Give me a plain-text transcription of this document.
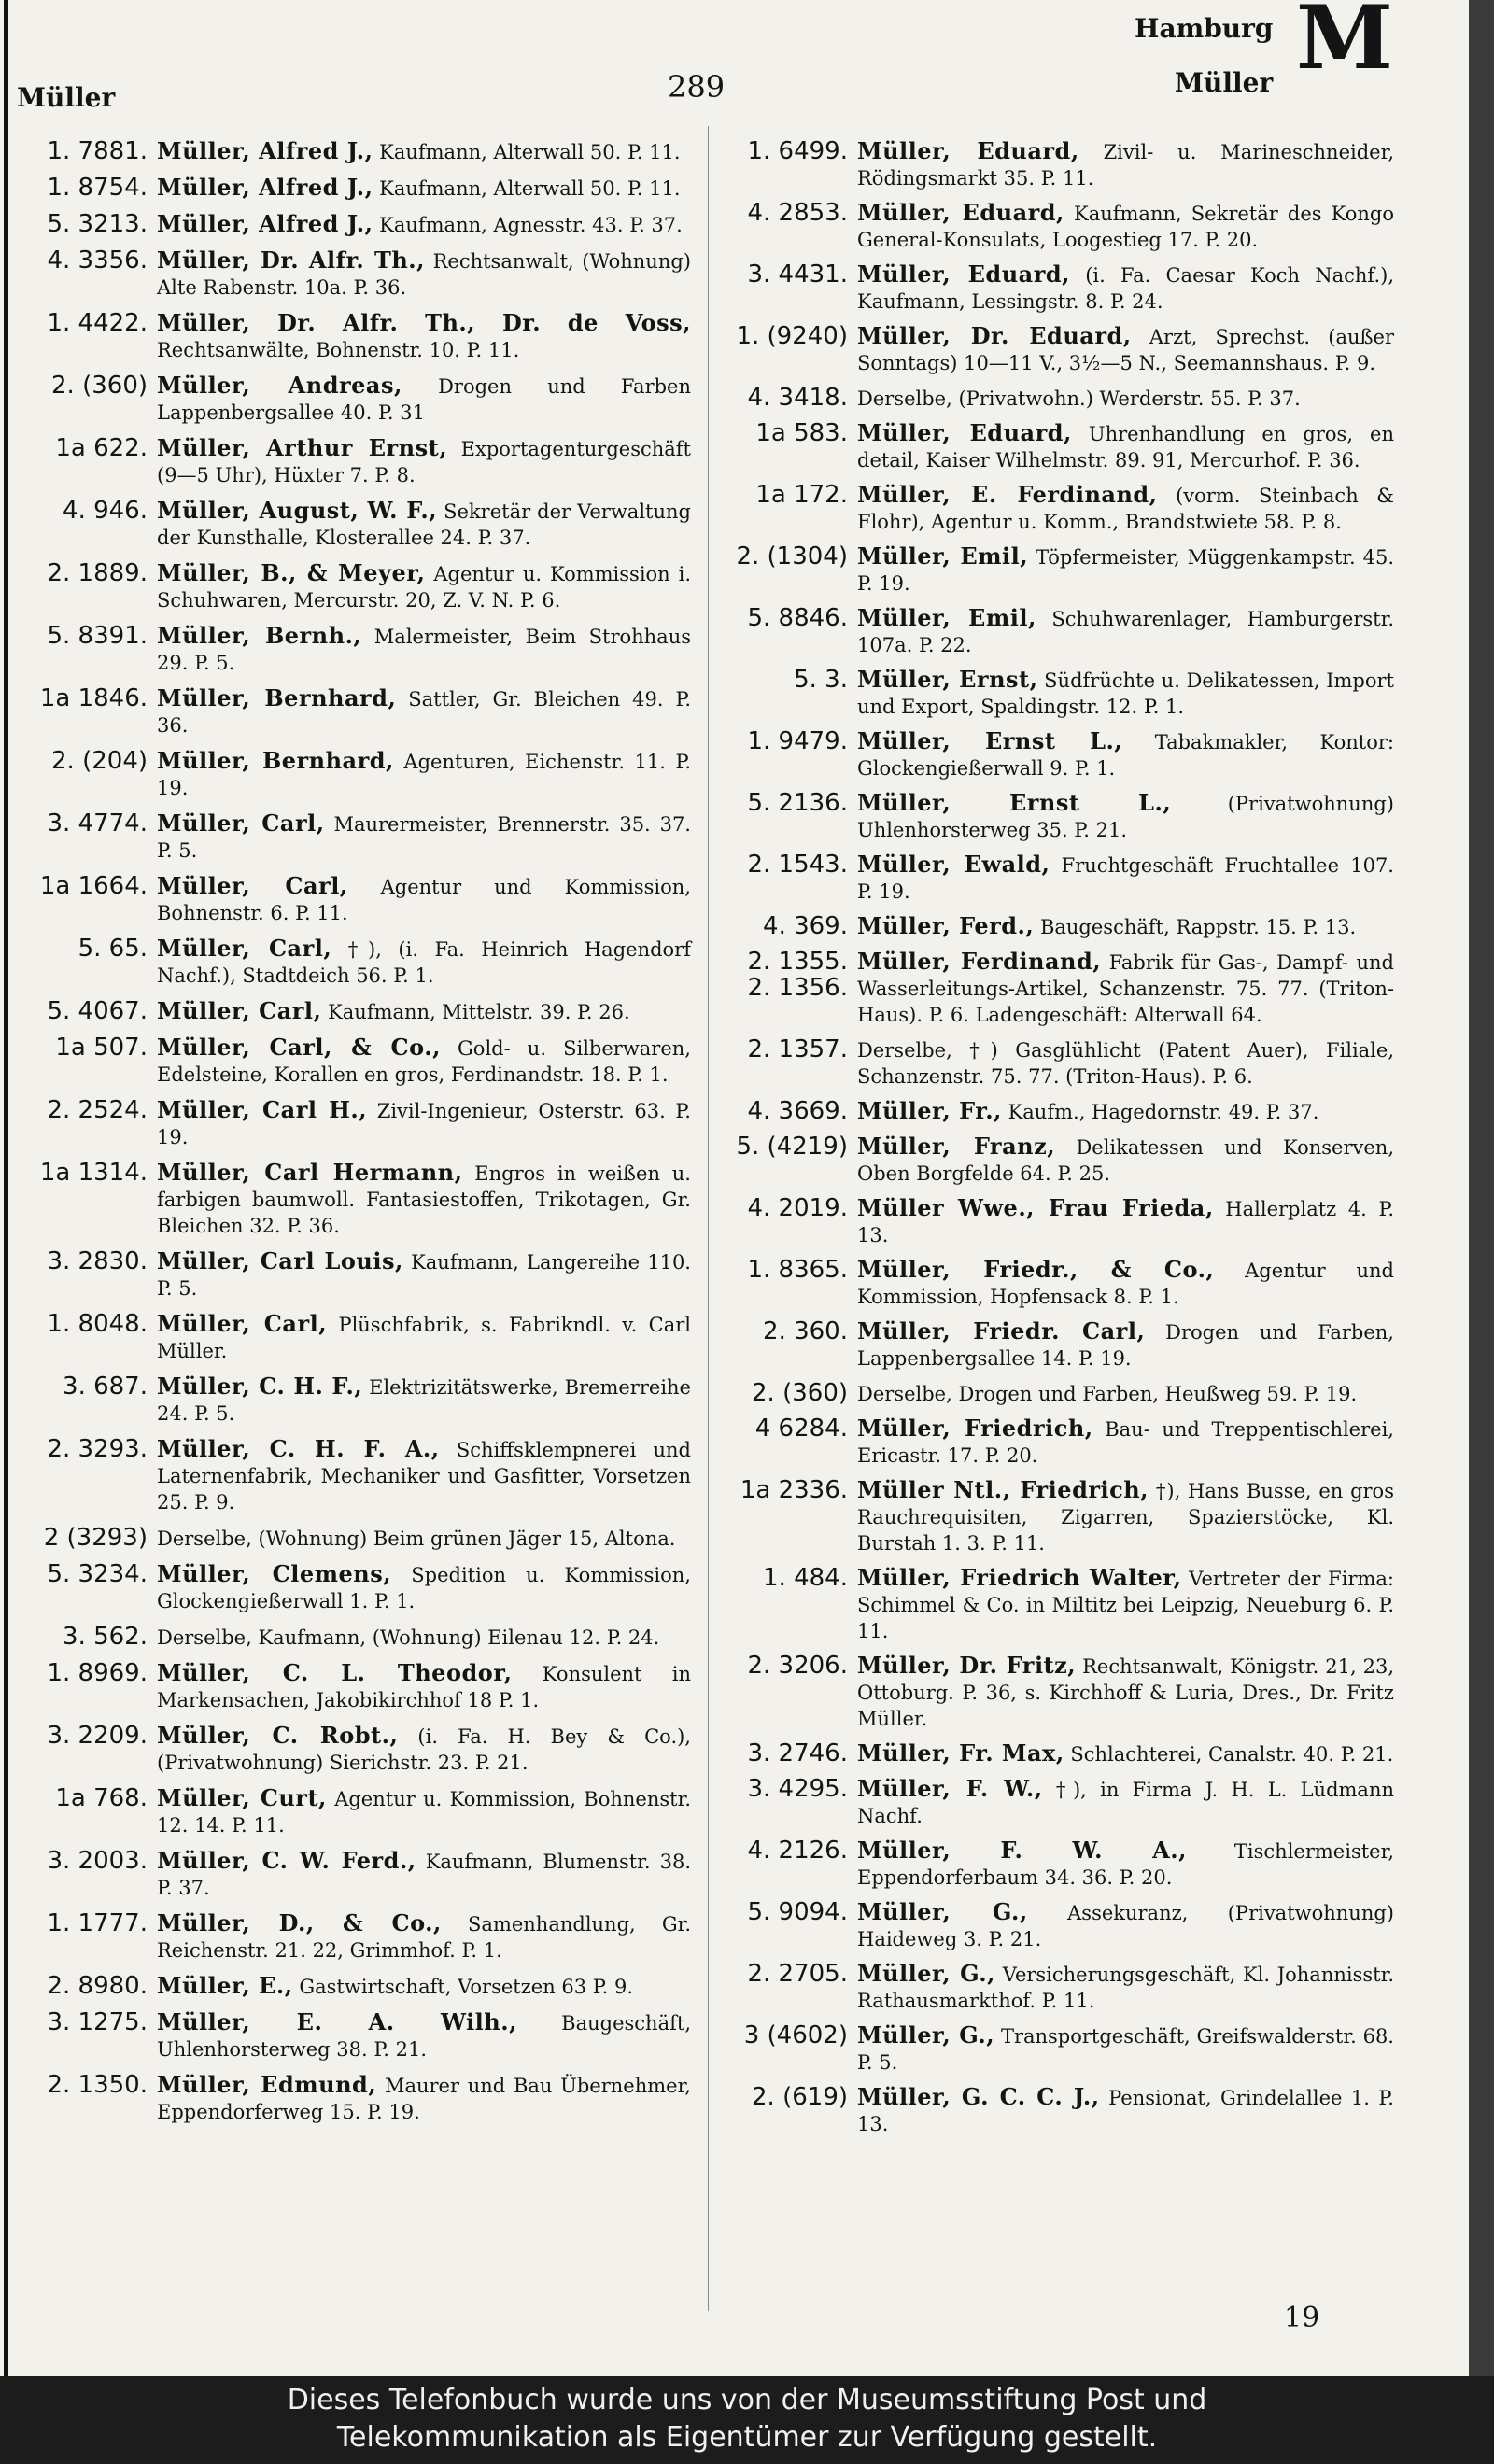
Müller	289
Hamburg
Müller M
1. 7881. Müller, Alfred J., Kaufmann, Alterwall 50. P. 11.
1. 8754. Müller, Alfred J., Kaufmann, Alterwall 50. P. 11.
5. 3213. Müller, Alfred J., Kaufmann, Agnesstr. 43. P. 37.
4. 3356. Müller, Dr. Alfr. Th., Rechtsanwalt, (Wohnung) Alte Rabenstr. 10a. P. 36.
1. 4422. Müller, Dr. Alfr. Th., Dr. de Voss, Rechtsanwälte, Bohnenstr. 10. P. 11.
2. (360) Müller, Andreas, Drogen und Farben Lappenbergsallee 40. P. 31
1a 622. Müller, Arthur Ernst, Exportagenturgeschäft (9—5 Uhr), Hüxter 7. P. 8.
4. 946. Müller, August, W. F., Sekretär der Verwaltung der Kunsthalle, Klosterallee 24. P. 37.
2. 1889. Müller, B., & Meyer, Agentur u. Kommission i. Schuhwaren, Mercurstr. 20, Z. V. N. P. 6.
5. 8391. Müller, Bernh., Malermeister, Beim Strohhaus 29. P. 5.
1a 1846. Müller, Bernhard, Sattler, Gr. Bleichen 49. P. 36.
2. (204) Müller, Bernhard, Agenturen, Eichenstr. 11. P. 19.
3. 4774. Müller, Carl, Maurermeister, Brennerstr. 35. 37. P. 5.
1a 1664. Müller, Carl, Agentur und Kommission, Bohnenstr. 6. P. 11.
5. 65. Müller, Carl, †), (i. Fa. Heinrich Hagendorf Nachf.), Stadtdeich 56. P. 1.
5. 4067. Müller, Carl, Kaufmann, Mittelstr. 39. P. 26.
1a 507. Müller, Carl, & Co., Gold- u. Silberwaren, Edelsteine, Korallen en gros, Ferdinandstr. 18. P. 1.
2. 2524. Müller, Carl H., Zivil-Ingenieur, Osterstr. 63. P. 19.
1a 1314. Müller, Carl Hermann, Engros in weißen u. farbigen baumwoll. Fantasiestoffen, Trikotagen, Gr. Bleichen 32. P. 36.
3. 2830. Müller, Carl Louis, Kaufmann, Langereihe 110. P. 5.
1. 8048. Müller, Carl, Plüschfabrik, s. Fabrikndl. v. Carl Müller.
3. 687. Müller, C. H. F., Elektrizitätswerke, Bremerreihe 24. P. 5.
2. 3293. Müller, C. H. F. A., Schiffsklempnerei und Laternenfabrik, Mechaniker und Gasfitter, Vorsetzen 25. P. 9.
2 (3293) Derselbe, (Wohnung) Beim grünen Jäger 15, Altona.
5. 3234. Müller, Clemens, Spedition u. Kommission, Glockengießerwall 1. P. 1.
3. 562. Derselbe, Kaufmann, (Wohnung) Eilenau 12. P. 24.
1. 8969. Müller, C. L. Theodor, Konsulent in Markensachen, Jakobikirchhof 18 P. 1.
3. 2209. Müller, C. Robt., (i. Fa. H. Bey & Co.), (Privatwohnung) Sierichstr. 23. P. 21.
1a 768. Müller, Curt, Agentur u. Kommission, Bohnenstr. 12. 14. P. 11.
3. 2003. Müller, C. W. Ferd., Kaufmann, Blumenstr. 38. P. 37.
1. 1777. Müller, D., & Co., Samenhandlung, Gr. Reichenstr. 21. 22, Grimmhof. P. 1.
2. 8980. Müller, E., Gastwirtschaft, Vorsetzen 63 P. 9.
3. 1275. Müller, E. A. Wilh., Baugeschäft, Uhlenhorsterweg 38. P. 21.
2. 1350. Müller, Edmund, Maurer und Bau Übernehmer, Eppendorferweg 15. P. 19.
1. 6499. Müller, Eduard, Zivil- u. Marineschneider, Rödingsmarkt 35. P. 11.
4. 2853. Müller, Eduard, Kaufmann, Sekretär des Kongo General-Konsulats, Loogestieg 17. P. 20.
3. 4431. Müller, Eduard, (i. Fa. Caesar Koch Nachf.), Kaufmann, Lessingstr. 8. P. 24.
1. (9240) Müller, Dr. Eduard, Arzt, Sprechst. (außer Sonntags) 10—11 V., 3½—5 N., Seemannshaus. P. 9.
4. 3418. Derselbe, (Privatwohn.) Werderstr. 55. P. 37.
1a 583. Müller, Eduard, Uhrenhandlung en gros, en detail, Kaiser Wilhelmstr. 89. 91, Mercurhof. P. 36.
1a 172. Müller, E. Ferdinand, (vorm. Steinbach & Flohr), Agentur u. Komm., Brandstwiete 58. P. 8.
2. (1304) Müller, Emil, Töpfermeister, Müggenkampstr. 45. P. 19.
5. 8846. Müller, Emil, Schuhwarenlager, Hamburgerstr. 107a. P. 22.
5. 3. Müller, Ernst, Südfrüchte u. Delikatessen, Import und Export, Spaldingstr. 12. P. 1.
1. 9479. Müller, Ernst L., Tabakmakler, Kontor: Glockengießerwall 9. P. 1.
5. 2136. Müller, Ernst L.,	(Privatwohnung) Uhlenhorsterweg 35. P. 21.
2. 1543. Müller, Ewald, Fruchtgeschäft Fruchtallee 107. P. 19.
4. 369. Müller, Ferd., Baugeschäft, Rappstr. 15. P. 13.
2. 1355. 2. 1356.
Müller, Ferdinand, Fabrik für Gas-, Dampf- und Wasserleitungs-Artikel, Schanzenstr. 75. 77. (Triton-Haus). P. 6. Ladengeschäft: Alterwall 64.
2. 1357. Derselbe, †) Gasglühlicht (Patent Auer), Filiale, Schanzenstr. 75. 77. (Triton-Haus). P. 6.
4. 3669. Müller, Fr., Kaufm., Hagedornstr. 49. P. 37.
5. (4219) Müller, Franz, Delikatessen und Konserven, Oben Borgfelde 64. P. 25.
4. 2019. Müller Wwe., Frau Frieda, Hallerplatz 4. P. 13.
1. 8365. Müller, Friedr., & Co., Agentur und Kommission, Hopfensack 8. P. 1.
2. 360. Müller, Friedr. Carl, Drogen und Farben, Lappenbergsallee 14. P. 19.
2. (360) Derselbe, Drogen und Farben, Heußweg 59. P. 19.
4 6284. Müller, Friedrich, Bau- und Treppentischlerei, Ericastr. 17. P. 20.
1a 2336. Müller Ntl., Friedrich, †), Hans Busse, en gros Rauchrequisiten, Zigarren, Spazierstöcke, Kl. Burstah 1. 3. P. 11.
1. 484. Müller, Friedrich Walter, Vertreter der Firma: Schimmel & Co. in Miltitz bei Leipzig, Neueburg 6. P. 11.
2. 3206. Müller, Dr. Fritz, Rechtsanwalt, Königstr. 21, 23, Ottoburg. P. 36, s. Kirchhoff & Luria, Dres., Dr. Fritz Müller.
3. 2746. Müller, Fr. Max, Schlachterei, Canalstr. 40. P. 21.
3. 4295. Müller, F. W., †), in Firma J. H. L. Lüdmann Nachf.
4. 2126. Müller, F. W. A., Tischlermeister, Eppendorferbaum 34. 36. P. 20.
5. 9094. Müller, G., Assekuranz, (Privatwohnung) Haideweg 3. P. 21.
2. 2705. Müller, G., Versicherungsgeschäft, Kl. Johannisstr. Rathausmarkthof. P. 11.
3 (4602) Müller, G., Transportgeschäft, Greifswalderstr. 68. P. 5.
2. (619) Müller, G. C. C. J., Pensionat, Grindelallee 1. P. 13.
19
Dieses Telefonbuch wurde uns von der Museumsstiftung Post und
Telekommunikation als Eigentümer zur Verfügung gestellt.
